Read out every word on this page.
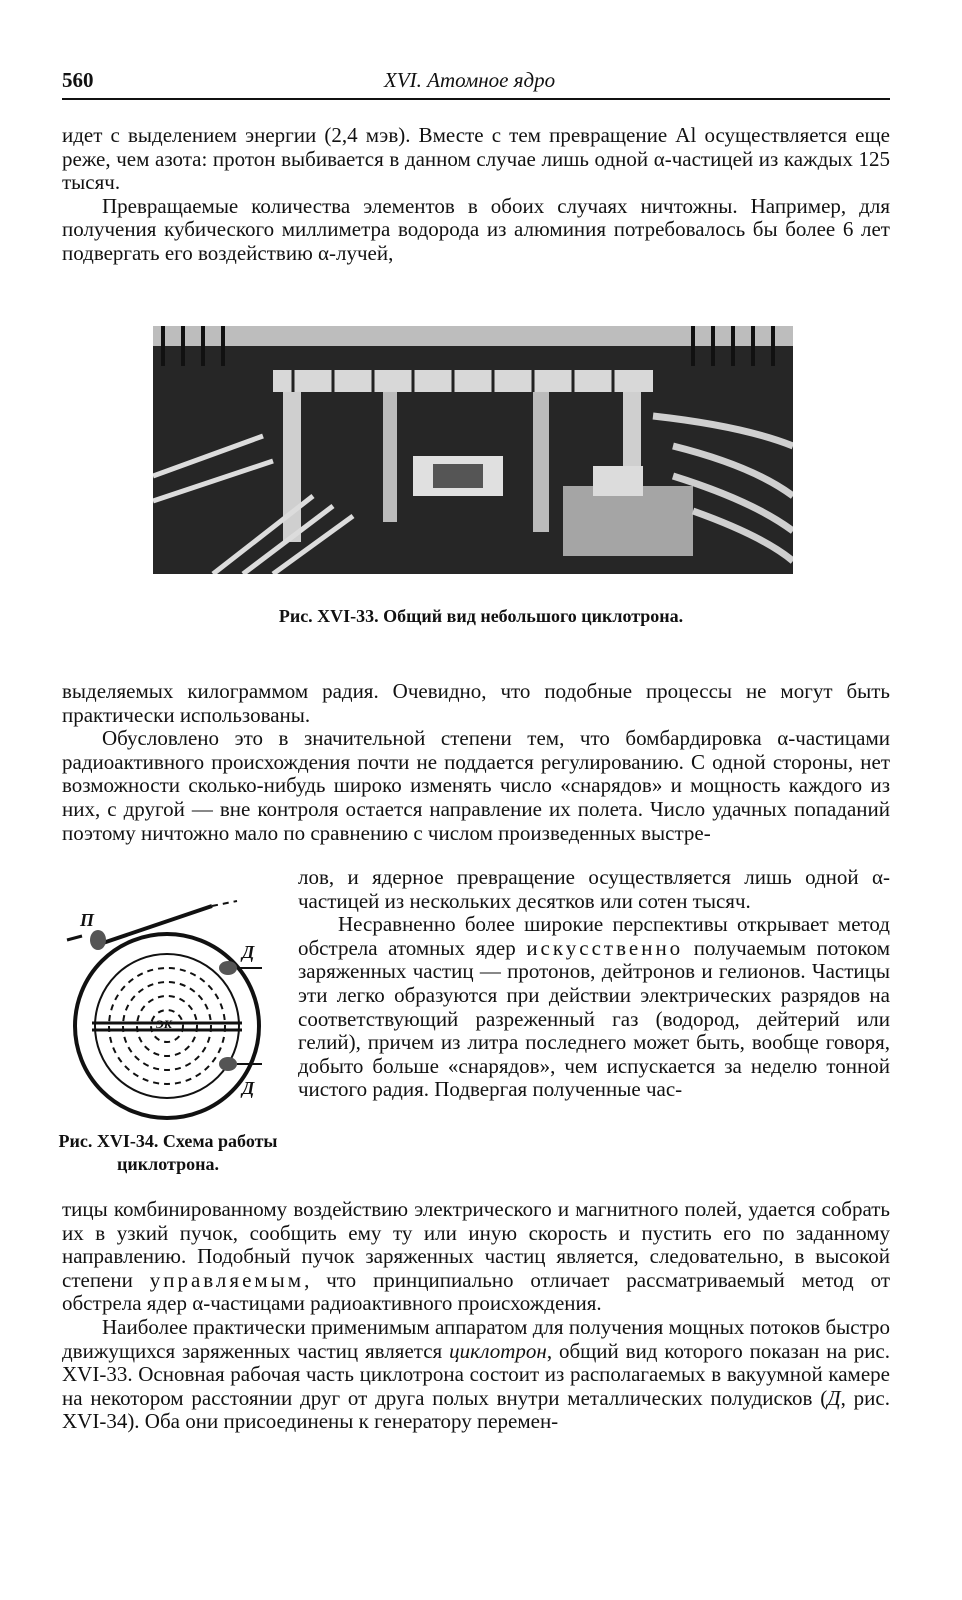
560	XVI. Атомное ядро

идет с выделением энергии (2,4 мэв). Вместе с тем превращение Al осуществляется еще реже, чем азота: протон выбивается в данном случае лишь одной α-частицей из каждых 125 тысяч.

Превращаемые количества элементов в обоих случаях ничтожны. Например, для получения кубического миллиметра водорода из алюминия потребовалось бы более 6 лет подвергать его воздействию α-лучей,

Рис. XVI-33. Общий вид небольшого циклотрона.

выделяемых килограммом радия. Очевидно, что подобные процессы не могут быть практически использованы.

Обусловлено это в значительной степени тем, что бомбардировка α-частицами радиоактивного происхождения почти не поддается регулированию. С одной стороны, нет возможности сколько-нибудь широко изменять число «снарядов» и мощность каждого из них, с другой — вне контроля остается направление их полета. Число удачных попаданий поэтому ничтожно мало по сравнению с числом произведенных выстре-

П
Д
Д
ЭК
Рис. XVI-34. Схема работы циклотрона.

лов, и ядерное превращение осуществляется лишь одной α-частицей из нескольких десятков или сотен тысяч.

Несравненно более широкие перспективы открывает метод обстрела атомных ядер искусственно получаемым потоком заряженных частиц — протонов, дейтронов и гелионов. Частицы эти легко образуются при действии электрических разрядов на соответствующий разреженный газ (водород, дейтерий или гелий), причем из литра последнего может быть, вообще говоря, добыто больше «снарядов», чем испускается за неделю тонной чистого радия. Подвергая полученные час-

тицы комбинированному воздействию электрического и магнитного полей, удается собрать их в узкий пучок, сообщить ему ту или иную скорость и пустить его по заданному направлению. Подобный пучок заряженных частиц является, следовательно, в высокой степени управляемым, что принципиально отличает рассматриваемый метод от обстрела ядер α-частицами радиоактивного происхождения.

Наиболее практически применимым аппаратом для получения мощных потоков быстро движущихся заряженных частиц является циклотрон, общий вид которого показан на рис. XVI-33. Основная рабочая часть циклотрона состоит из располагаемых в вакуумной камере на некотором расстоянии друг от друга полых внутри металлических полудисков (Д, рис. XVI-34). Оба они присоединены к генератору перемен-
